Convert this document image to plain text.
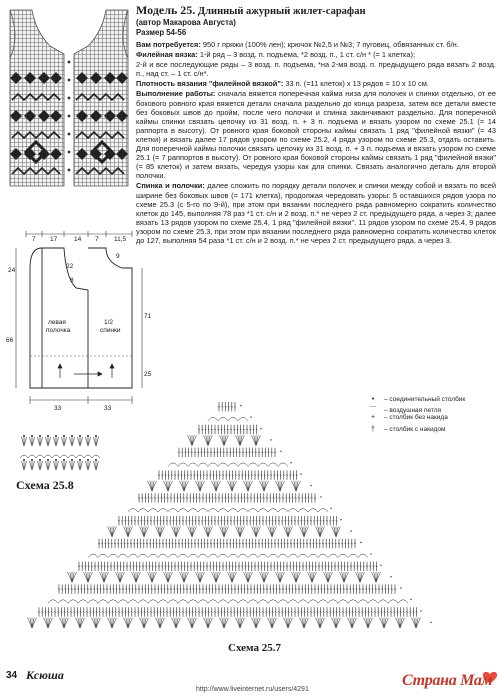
Модель 25. Длинный ажурный жилет-сарафан
(автор Макарова Августа)
Размер 54-56

Вам потребуется: 950 г пряжи (100% лен); крючок №2,5 и №3; 7 пуговиц, обвязанных ст. б/н.

Филейная вязка: 1-й ряд – 3 возд. п. подъема, *2 возд. п., 1 ст. с/н * (= 1 клетка);

2-й и все последующие ряды – 3 возд. п. подъема, *на 2-мя возд. п. предыдущего ряда вязать 2 возд. п., над ст. – 1 ст. с/н*.

Плотность вязания "филейной вязкой": 33 п. (=11 клеток) х 13 рядов = 10 х 10 см.

Выполнение работы: сначала вяжется поперечная кайма низа для полочек и спинки отдельно, от ее бокового ровного края вяжется детали сначала раздельно до конца разреза, затем все детали вместе без боковых швов до пройм, после чего полочки и спинка заканчивают раздельно. Для поперечной каймы спинки связать цепочку из 31 возд. п. + 3 п. подъема и вязать узором по схеме 25.1 (= 14 раппорта в высоту). От ровного края боковой стороны каймы связать 1 ряд "филейной вязки" (= 43 клетки) и вязать далее 17 рядов узором по схеме 25.2, 4 ряда узором по схеме 25.3, отдать оставить. Для поперечной каймы полочки связать цепочку из 31 возд. п. + 3 п. подъема и вязать узором по схеме 25.1 (= 7 раппортов в высоту). От ровного края боковой стороны каймы связать 1 ряд "филейной вязки" (= 85 клеток) и затем вязать, чередуя узоры как для спинки. Связать аналогично деталь для второй полочки.

Спинка и полочки: далее сложить по порядку детали полочек и спинки между собой и вязать по всей ширине без боковых швов (= 171 клетка), продолжая чередовать узоры: 5 оставшихся рядов узора по схеме 25.3 (с 5-го по 9-й), при этом при вязании последнего ряда равномерно сократить количество клеток до 145, выполняя 78 раз *1 ст. с/н и 2 возд. п.* не через 2 ст. предыдущего ряда, а через 3; далее вязать 13 рядов узором по схеме 25.4, 1 ряд "филейной вязки", 11 рядов узором по схеме 25.4, 9 рядов узором по схеме 25.3, при этом при вязании последнего ряда равномерно сократить количество клеток до 127, выполняя 54 раза *1 ст. с/н и 2 возд. п.* не через 2 ст. предыдущего ряда, а через 3.

7 17	14 7 11,5
24
66
22
8
9
левая
полочка
1/2
спинки
71
25
33	33
Схема 25.8
Схема 25.7
•	– соединительный столбик
⌒	– воздушная петля
+	– столбик без накида
†	– столбик с накидом
34 Ксюша
http://www.liveinternet.ru/users/4291
Страна Мам
